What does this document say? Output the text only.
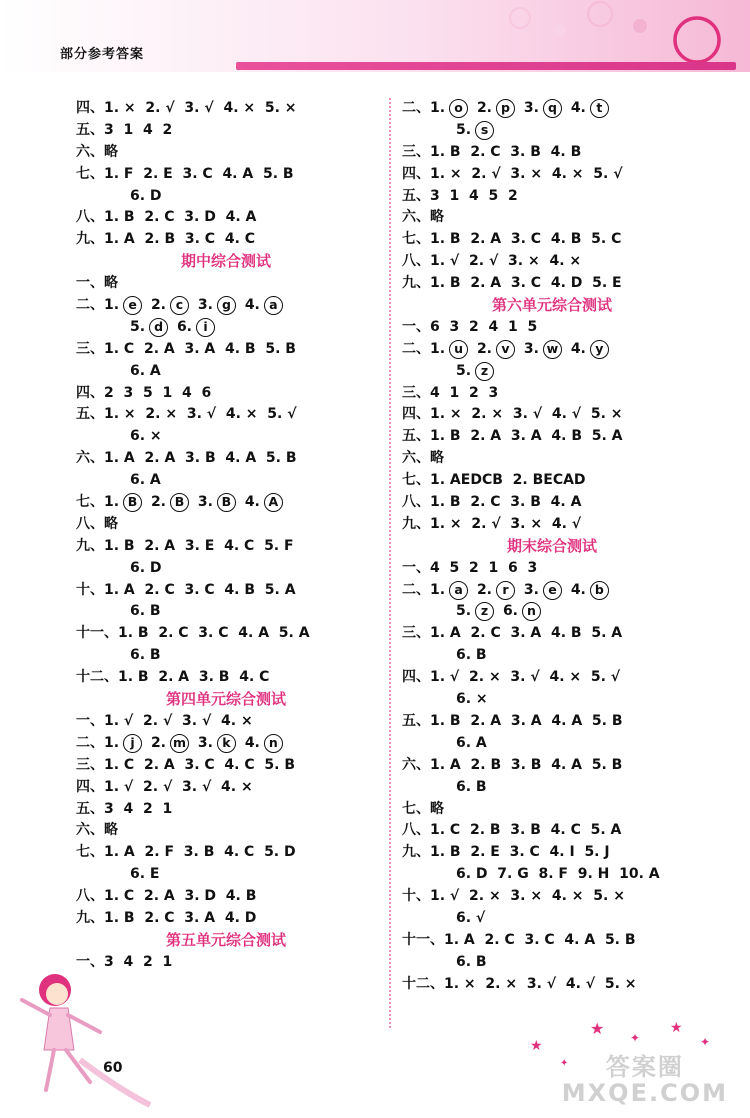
部分参考答案
四、1. ×  2. √  3. √  4. ×  5. ×
五、3  1  4  2
六、略
七、1. F  2. E  3. C  4. A  5. B
6. D
八、1. B  2. C  3. D  4. A
九、1. A  2. B  3. C  4. C
期中综合测试
一、略
二、1. e 2. c 3. g 4. a
5. d 6. i
三、1. C  2. A  3. A  4. B  5. B
6. A
四、2  3  5  1  4  6
五、1. ×  2. ×  3. √  4. ×  5. √
6. ×
六、1. A  2. A  3. B  4. A  5. B
6. A
七、1. B 2. B 3. B 4. A
八、略
九、1. B  2. A  3. E  4. C  5. F
6. D
十、1. A  2. C  3. C  4. B  5. A
6. B
十一、1. B  2. C  3. C  4. A  5. A
6. B
十二、1. B  2. A  3. B  4. C
第四单元综合测试
一、1. √  2. √  3. √  4. ×
二、1. j 2. m 3. k 4. n
三、1. C  2. A  3. C  4. C  5. B
四、1. √  2. √  3. √  4. ×
五、3  4  2  1
六、略
七、1. A  2. F  3. B  4. C  5. D
6. E
八、1. C  2. A  3. D  4. B
九、1. B  2. C  3. A  4. D
第五单元综合测试
一、3  4  2  1
二、1. o 2. p 3. q 4. t
5. s
三、1. B  2. C  3. B  4. B
四、1. ×  2. √  3. ×  4. ×  5. √
五、3  1  4  5  2
六、略
七、1. B  2. A  3. C  4. B  5. C
八、1. √  2. √  3. ×  4. ×
九、1. B  2. A  3. C  4. D  5. E
第六单元综合测试
一、6  3  2  4  1  5
二、1. u 2. v 3. w 4. y
5. z
三、4  1  2  3
四、1. ×  2. ×  3. √  4. √  5. ×
五、1. B  2. A  3. A  4. B  5. A
六、略
七、1. AEDCB  2. BECAD
八、1. B  2. C  3. B  4. A
九、1. ×  2. √  3. ×  4. √
期末综合测试
一、4  5  2  1  6  3
二、1. a 2. r 3. e 4. b
5. z 6. n
三、1. A  2. C  3. A  4. B  5. A
6. B
四、1. √  2. ×  3. √  4. ×  5. √
6. ×
五、1. B  2. A  3. A  4. A  5. B
6. A
六、1. A  2. B  3. B  4. A  5. B
6. B
七、略
八、1. C  2. B  3. B  4. C  5. A
九、1. B  2. E  3. C  4. I  5. J
6. D  7. G  8. F  9. H  10. A
十、1. √  2. ×  3. ×  4. ×  5. ×
6. √
十一、1. A  2. C  3. C  4. A  5. B
6. B
十二、1. ×  2. ×  3. √  4. √  5. ×
60
★
★ ✦
★
✦
✦	答案圈
MXQE.COM
